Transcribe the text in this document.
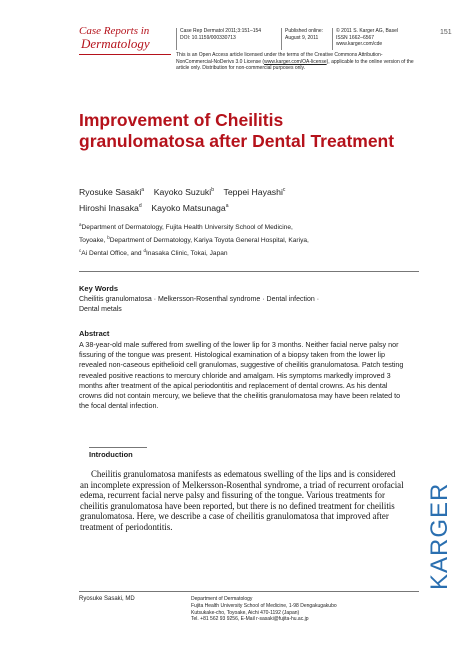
Case Reports in
Dermatology
Case Rep Dermatol 2011;3:151–154
DOI: 10.1159/000330713
Published online:
August 9, 2011
© 2011 S. Karger AG, Basel
ISSN 1662–6567
www.karger.com/cde
151
This is an Open Access article licensed under the terms of the Creative Commons Attribution-NonCommercial-NoDerivs 3.0 License (www.karger.com/OA-license), applicable to the online version of the article only. Distribution for non-commercial purposes only.
Improvement of Cheilitis granulomatosa after Dental Treatment
Ryosuke Sasaki$^a$ Kayoko Suzuki$^b$ Teppei Hayashi$^c$
Hiroshi Inasaka$^d$ Kayoko Matsunaga$^a$
$^a$Department of Dermatology, Fujita Health University School of Medicine,
Toyoake, $^b$Department of Dermatology, Kariya Toyota General Hospital, Kariya,
$^c$Ai Dental Office, and $^d$Inasaka Clinic, Tokai, Japan
Key Words
Cheilitis granulomatosa · Melkersson-Rosenthal syndrome · Dental infection ·
Dental metals
Abstract

A 38-year-old male suffered from swelling of the lower lip for 3 months. Neither facial nerve palsy nor fissuring of the tongue was present. Histological examination of a biopsy taken from the lower lip revealed non-caseous epithelioid cell granulomas, suggestive of cheilitis granulomatosa. Patch testing revealed positive reactions to mercury chloride and amalgam. His symptoms markedly improved 3 months after treatment of the apical periodontitis and replacement of dental crowns. As his dental crowns did not contain mercury, we believe that the cheilitis granulomatosa may have been related to the focal dental infection.

Introduction

Cheilitis granulomatosa manifests as edematous swelling of the lips and is considered an incomplete expression of Melkersson-Rosenthal syndrome, a triad of recurrent orofacial edema, recurrent facial nerve palsy and fissuring of the tongue. Various treatments for cheilitis granulomatosa have been reported, but there is no defined treatment for cheilitis granulomatosa. Here, we describe a case of cheilitis granulomatosa that improved after treatment of periodontitis.

Ryosuke Sasaki, MD	Department of Dermatology
Fujita Health University School of Medicine, 1-98 Dengakugakubo
Kutsukake-cho, Toyoake, Aichi 470-1192 (Japan)
Tel. +81 562 93 9256, E-Mail r-sasaki@fujita-hu.ac.jp
KARGER
